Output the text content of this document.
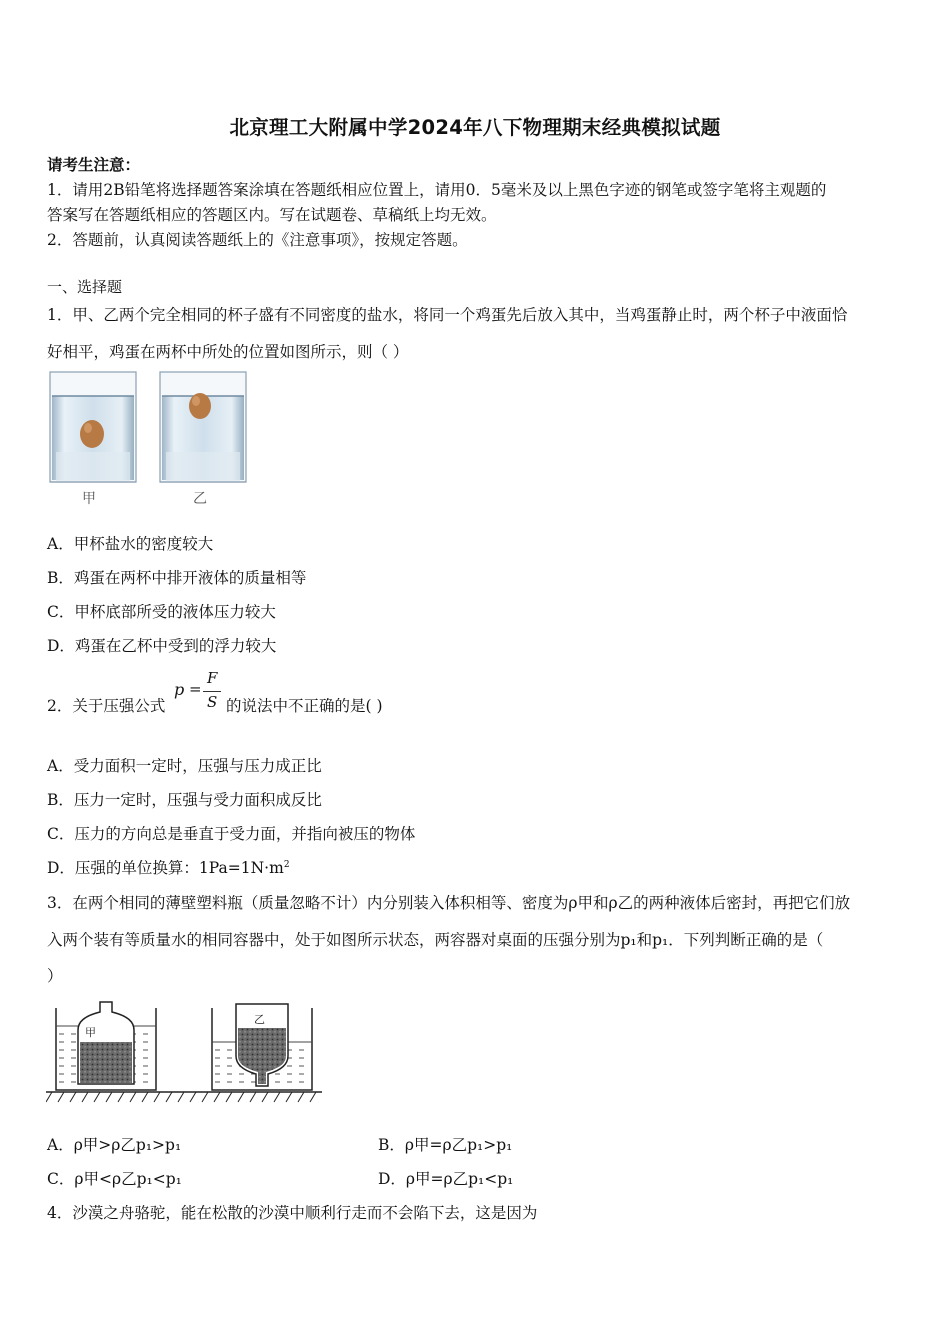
北京理工大附属中学2024年八下物理期末经典模拟试题
请考生注意：
1．请用2B铅笔将选择题答案涂填在答题纸相应位置上，请用0．5毫米及以上黑色字迹的钢笔或签字笔将主观题的
答案写在答题纸相应的答题区内。写在试题卷、草稿纸上均无效。
2．答题前，认真阅读答题纸上的《注意事项》，按规定答题。
一、选择题
1．甲、乙两个完全相同的杯子盛有不同密度的盐水，将同一个鸡蛋先后放入其中，当鸡蛋静止时，两个杯子中液面恰
好相平，鸡蛋在两杯中所处的位置如图所示，则（ ）
甲	乙
A．甲杯盐水的密度较大
B．鸡蛋在两杯中排开液体的质量相等
C．甲杯底部所受的液体压力较大
D．鸡蛋在乙杯中受到的浮力较大
2．关于压强公式
p =
F
S 的说法中不正确的是( )
A．受力面积一定时，压强与压力成正比
B．压力一定时，压强与受力面积成反比
C．压力的方向总是垂直于受力面，并指向被压的物体
D．压强的单位换算：$1Pa=1N\cdot m^2$
3．在两个相同的薄壁塑料瓶（质量忽略不计）内分别装入体积相等、密度为ρ甲和ρ乙的两种液体后密封，再把它们放
入两个装有等质量水的相同容器中，处于如图所示状态，两容器对桌面的压强分别为p₁和p₁．下列判断正确的是（
）
甲
乙
A．ρ甲>ρ乙p₁>p₁	B．ρ甲=ρ乙p₁>p₁
C．ρ甲<ρ乙p₁<p₁	D．ρ甲=ρ乙p₁<p₁
4．沙漠之舟骆驼，能在松散的沙漠中顺利行走而不会陷下去，这是因为
